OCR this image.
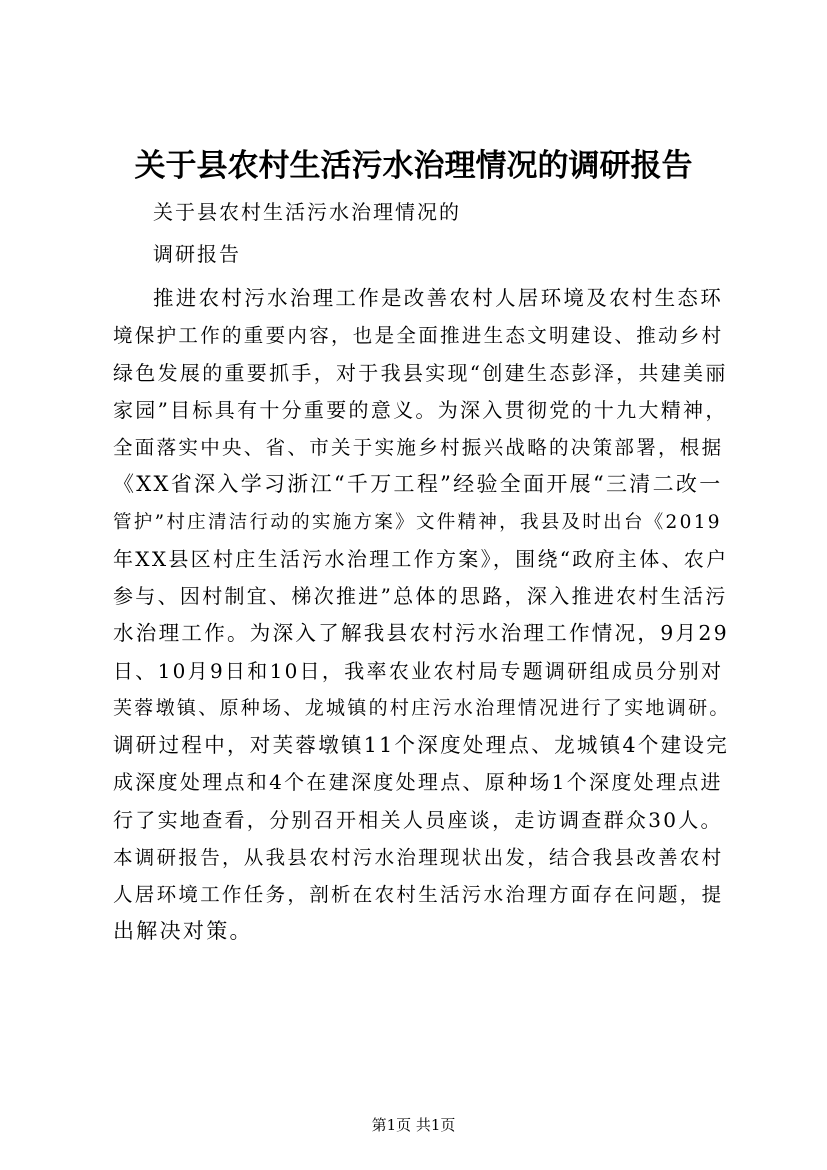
关于县农村生活污水治理情况的调研报告
关于县农村生活污水治理情况的
调研报告
推进农村污水治理工作是改善农村人居环境及农村生态环
境保护工作的重要内容，也是全面推进生态文明建设、推动乡村
绿色发展的重要抓手，对于我县实现“创建生态彭泽，共建美丽
家园”目标具有十分重要的意义。为深入贯彻党的十九大精神，
全面落实中央、省、市关于实施乡村振兴战略的决策部署，根据
《XX省深入学习浙江“千万工程”经验全面开展“三清二改一
管护”村庄清洁行动的实施方案》文件精神，我县及时出台《2019
年XX县区村庄生活污水治理工作方案》，围绕“政府主体、农户
参与、因村制宜、梯次推进”总体的思路，深入推进农村生活污
水治理工作。为深入了解我县农村污水治理工作情况，9月29
日、10月9日和10日，我率农业农村局专题调研组成员分别对
芙蓉墩镇、原种场、龙城镇的村庄污水治理情况进行了实地调研。
调研过程中，对芙蓉墩镇11个深度处理点、龙城镇4个建设完
成深度处理点和4个在建深度处理点、原种场1个深度处理点进
行了实地查看，分别召开相关人员座谈，走访调查群众30人。
本调研报告，从我县农村污水治理现状出发，结合我县改善农村
人居环境工作任务，剖析在农村生活污水治理方面存在问题，提
出解决对策。
第1页 共1页
